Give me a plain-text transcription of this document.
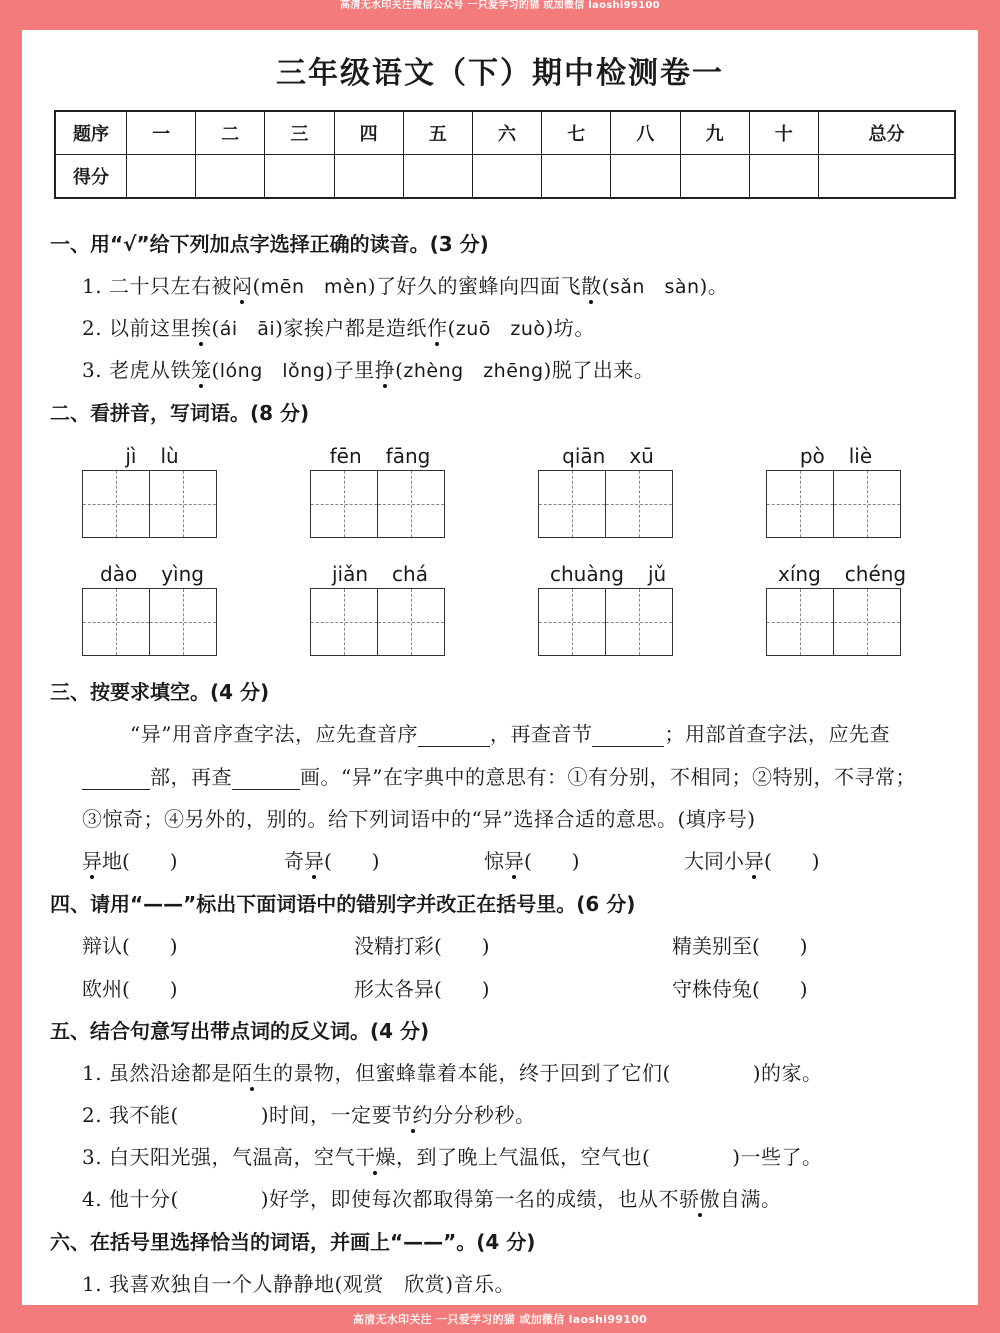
高清无水印关注微信公众号 一只爱学习的猫 或加微信 laoshi99100
三年级语文（下）期中检测卷一
题序	一	二	三	四	五	六	七	八	九	十	总分
得分											
一、用“√”给下列加点字选择正确的读音。(3 分)
1. 二十只左右被闷(mēn　mèn)了好久的蜜蜂向四面飞散(sǎn　sàn)。
2. 以前这里挨(ái　āi)家挨户都是造纸作(zuō　zuò)坊。
3. 老虎从铁笼(lóng　lǒng)子里挣(zhèng　zhēng)脱了出来。
二、看拼音，写词语。(8 分)
jì lù	fēn fāng	qiān xū	pò liè
dào yìng	jiǎn chá	chuàng jǔ	xíng chéng
三、按要求填空。(4 分)
“异”用音序查字法，应先查音序	，再查音节	；用部首查字法，应先查
部，再查	画。“异”在字典中的意思有：①有分别，不相同；②特别，不寻常；
③惊奇；④另外的，别的。给下列词语中的“异”选择合适的意思。(填序号)
异地(　　)	奇异(　　)	惊异(　　)	大同小异(　　)
四、请用“——”标出下面词语中的错别字并改正在括号里。(6 分)
辩认(　　)	没精打彩(　　)	精美别至(　　)
欧州(　　)	形太各异(　　)	守株侍兔(　　)
五、结合句意写出带点词的反义词。(4 分)
1. 虽然沿途都是陌生的景物，但蜜蜂靠着本能，终于回到了它们(　　　　)的家。
2. 我不能(　　　　)时间，一定要节约分分秒秒。
3. 白天阳光强，气温高，空气干燥，到了晚上气温低，空气也(　　　　)一些了。
4. 他十分(　　　　)好学，即使每次都取得第一名的成绩，也从不骄傲自满。
六、在括号里选择恰当的词语，并画上“——”。(4 分)
1. 我喜欢独自一个人静静地(观赏　欣赏)音乐。
高清无水印关注 一只爱学习的猫 或加微信 laoshi99100
